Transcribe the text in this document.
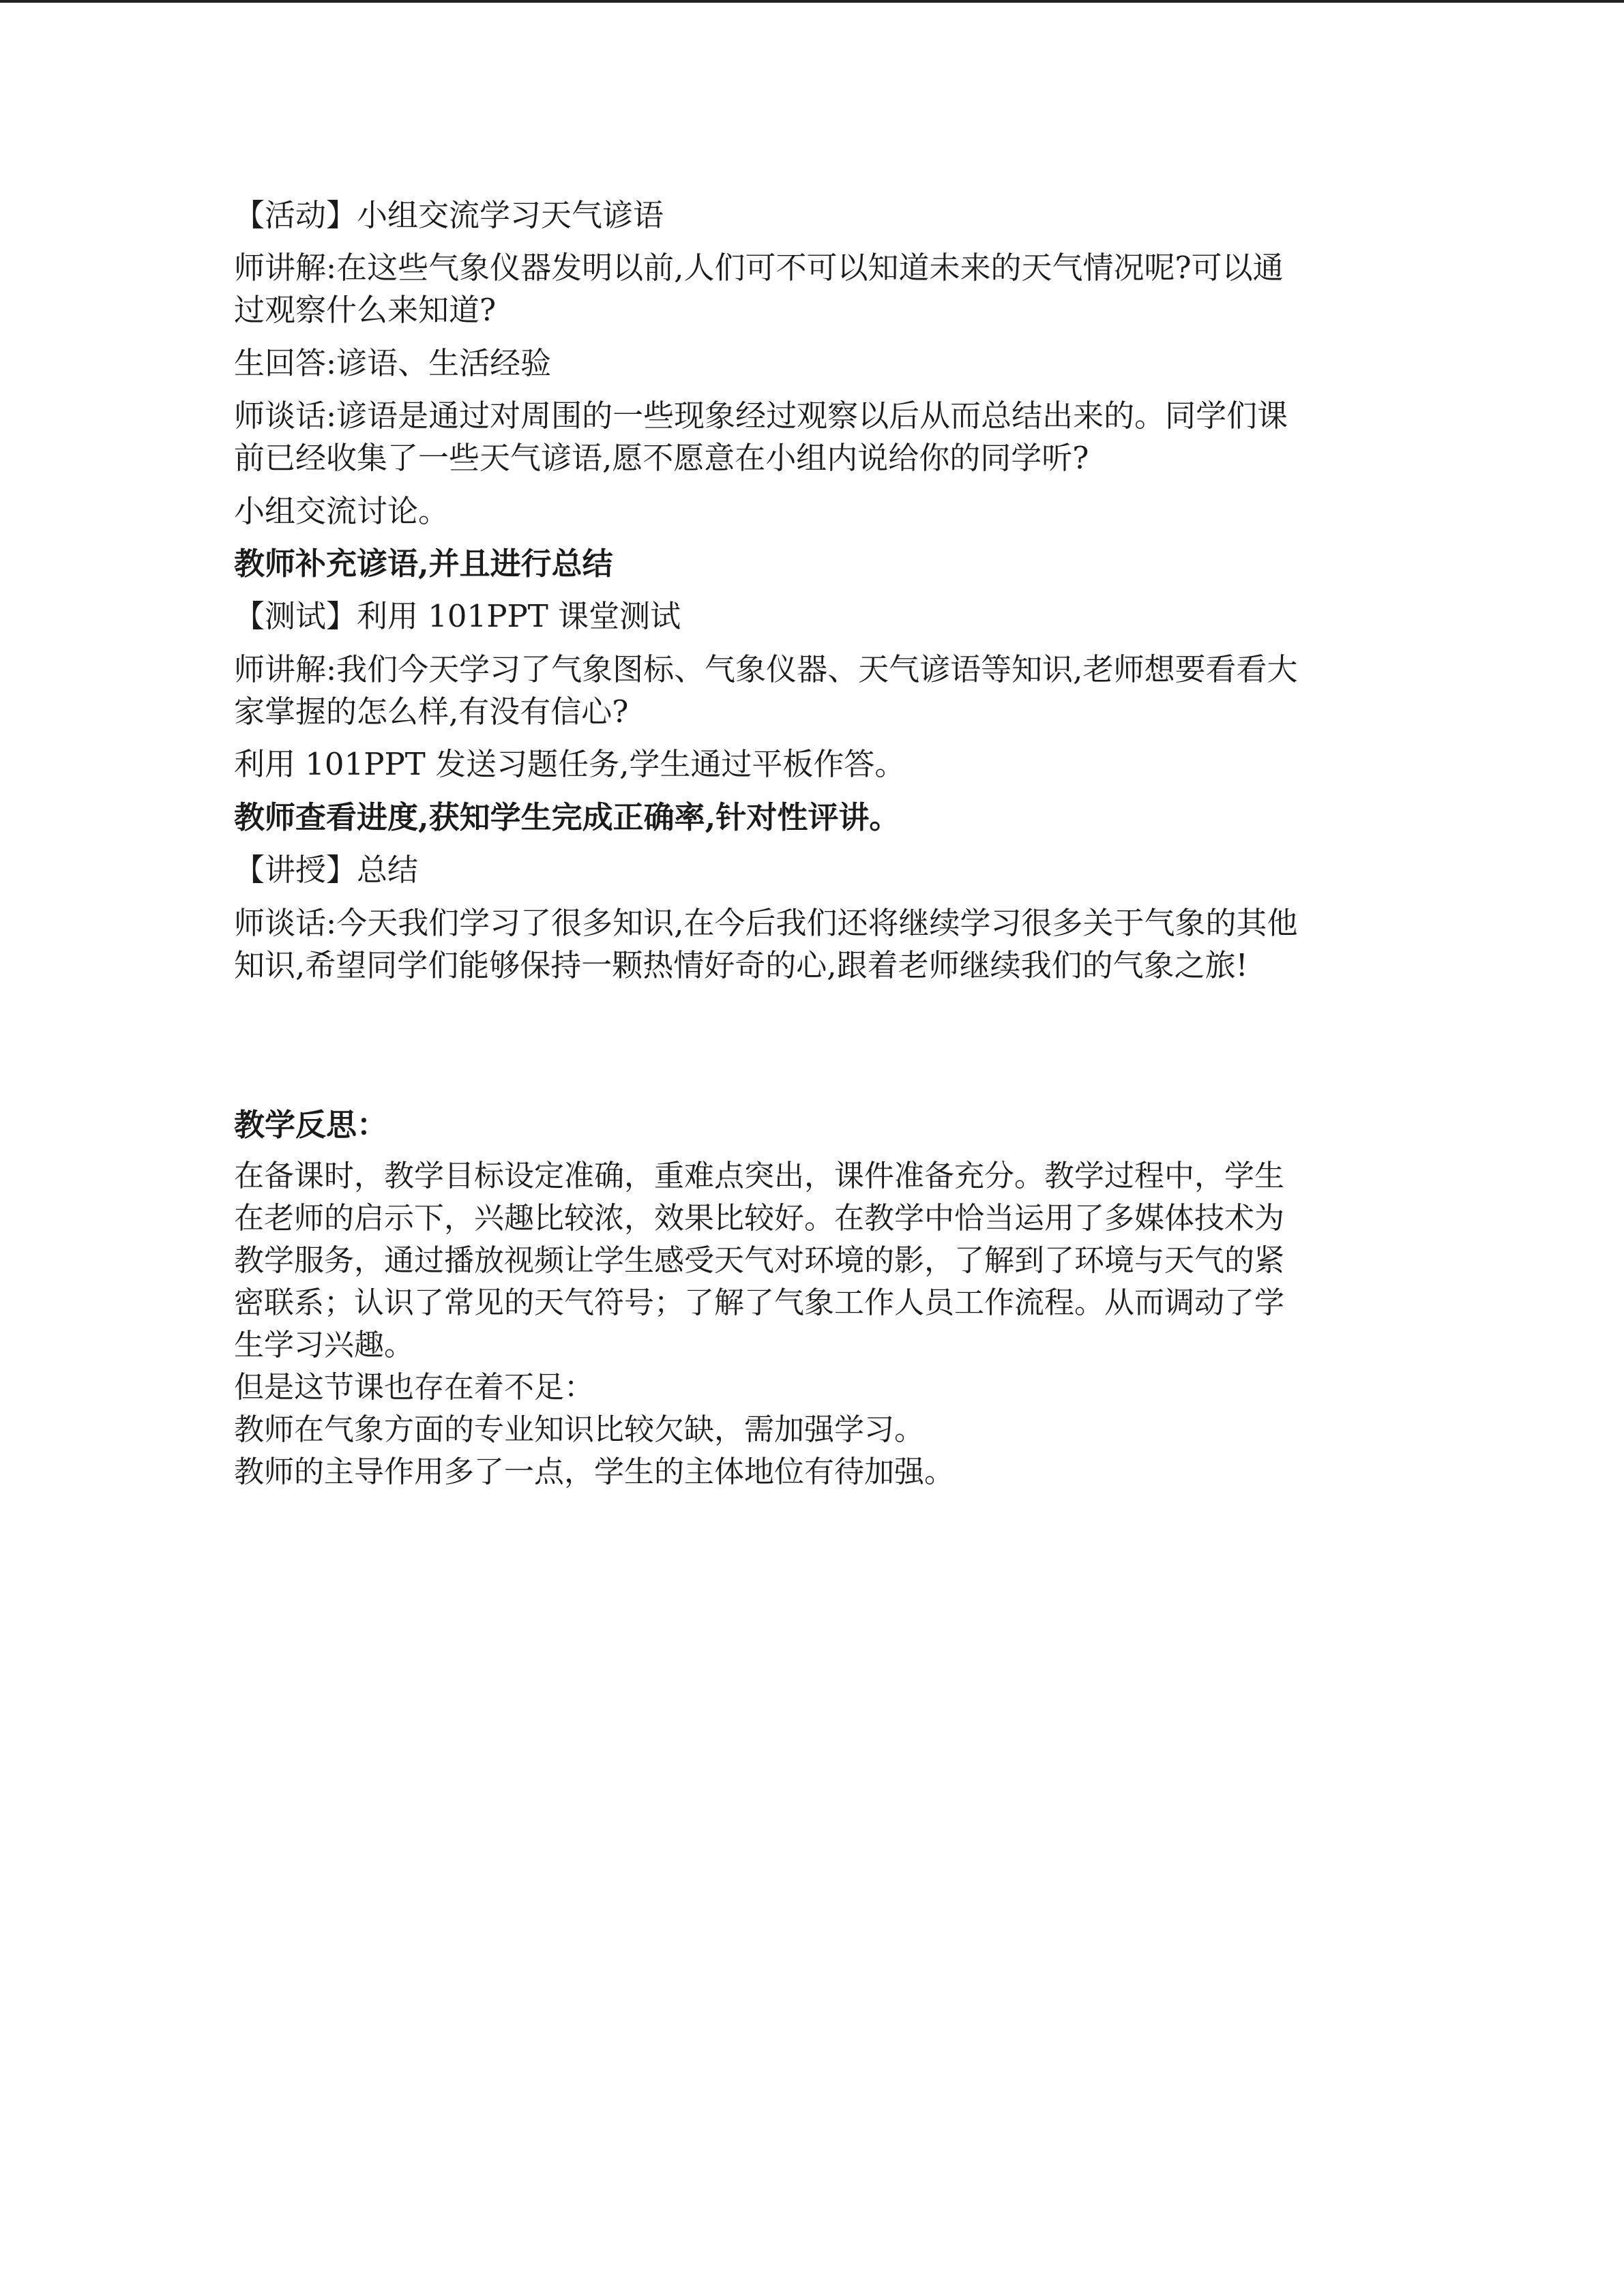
【活动】小组交流学习天气谚语

师讲解:在这些气象仪器发明以前,人们可不可以知道未来的天气情况呢?可以通

过观察什么来知道?

生回答:谚语、生活经验

师谈话:谚语是通过对周围的一些现象经过观察以后从而总结出来的。同学们课

前已经收集了一些天气谚语,愿不愿意在小组内说给你的同学听?

小组交流讨论。

教师补充谚语,并且进行总结

【测试】利用 101PPT 课堂测试

师讲解:我们今天学习了气象图标、气象仪器、天气谚语等知识,老师想要看看大

家掌握的怎么样,有没有信心?

利用 101PPT 发送习题任务,学生通过平板作答。

教师查看进度,获知学生完成正确率,针对性评讲。

【讲授】总结

师谈话:今天我们学习了很多知识,在今后我们还将继续学习很多关于气象的其他

知识,希望同学们能够保持一颗热情好奇的心,跟着老师继续我们的气象之旅!

教学反思：

在备课时，教学目标设定准确，重难点突出，课件准备充分。教学过程中，学生

在老师的启示下，兴趣比较浓，效果比较好。在教学中恰当运用了多媒体技术为

教学服务，通过播放视频让学生感受天气对环境的影，了解到了环境与天气的紧

密联系；认识了常见的天气符号；了解了气象工作人员工作流程。从而调动了学

生学习兴趣。

但是这节课也存在着不足：

教师在气象方面的专业知识比较欠缺，需加强学习。

教师的主导作用多了一点，学生的主体地位有待加强。
